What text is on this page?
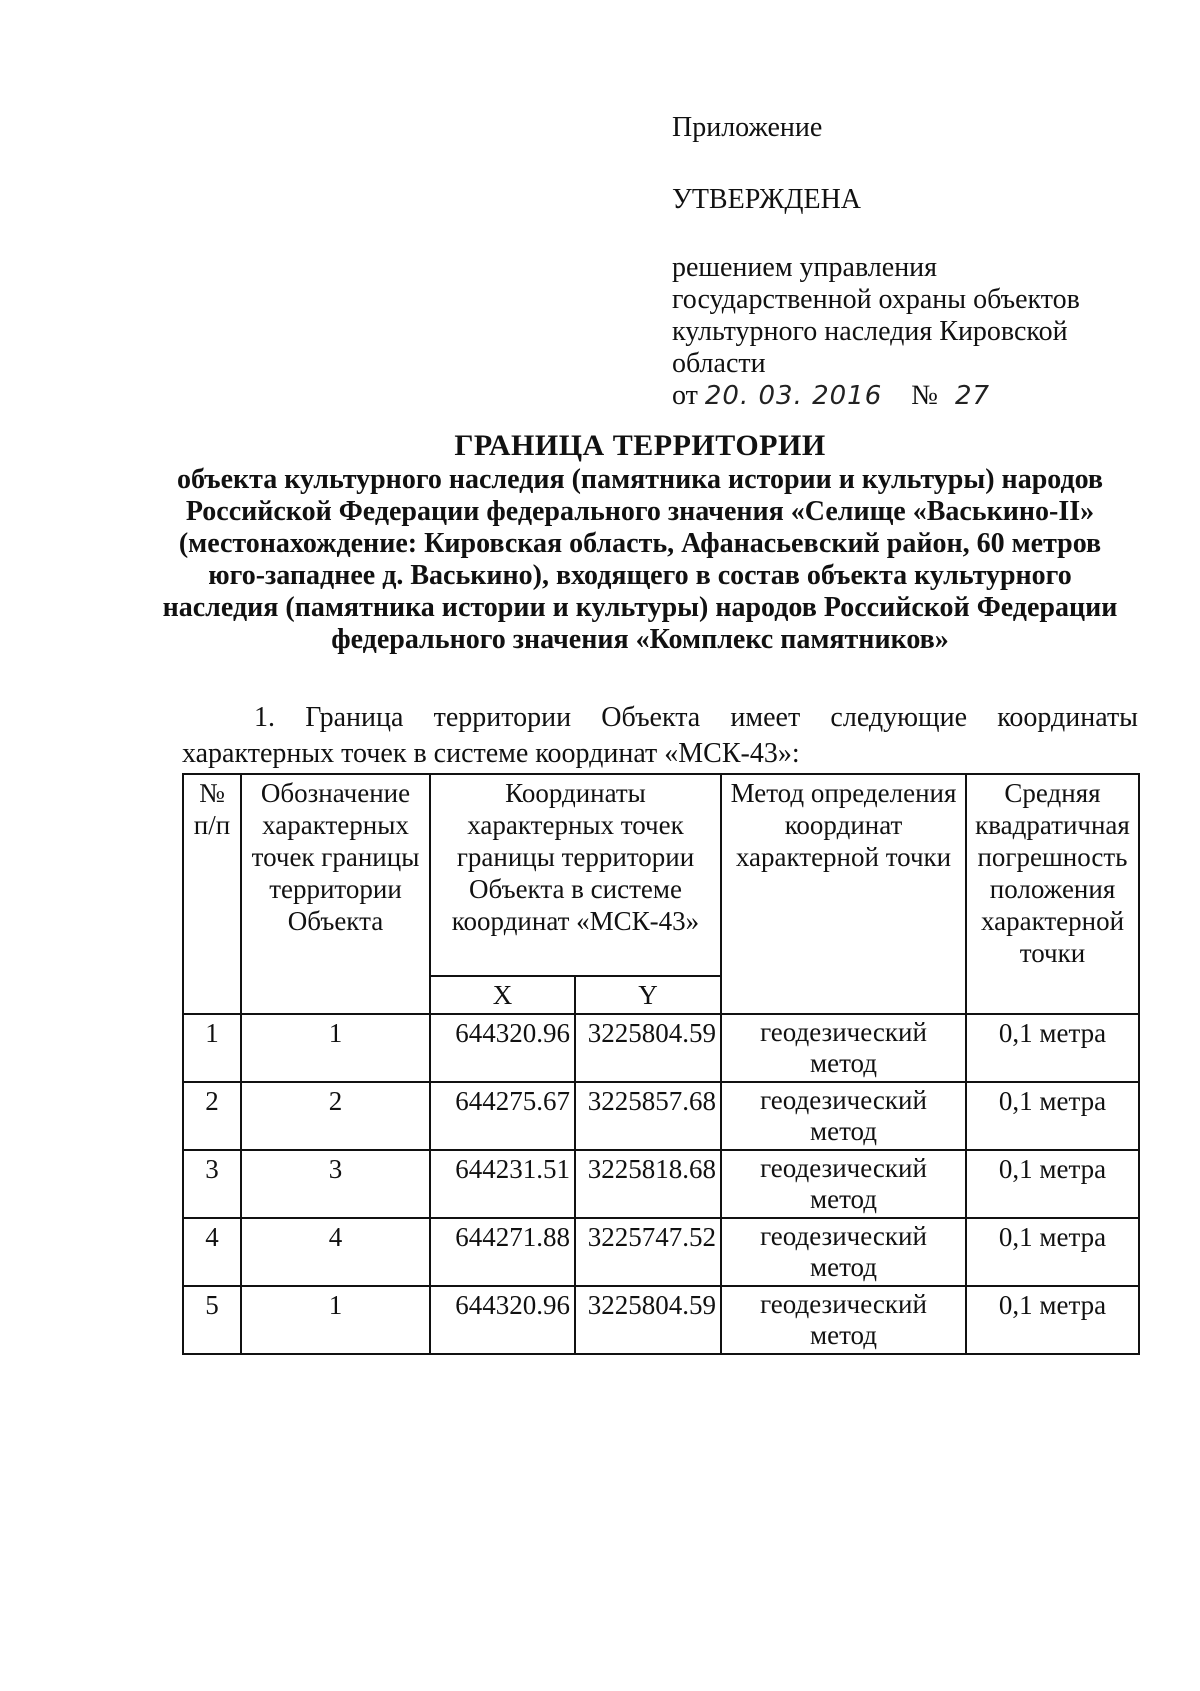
Приложение
УТВЕРЖДЕНА
решением управления
государственной охраны объектов
культурного наследия Кировской
области
от 20. 03. 2016 № 27
ГРАНИЦА ТЕРРИТОРИИ
объекта культурного наследия (памятника истории и культуры) народов Российской Федерации федерального значения «Селище «Васькино-II» (местонахождение: Кировская область, Афанасьевский район, 60 метров юго-западнее д. Васькино), входящего в состав объекта культурного наследия (памятника истории и культуры) народов Российской Федерации федерального значения «Комплекс памятников»
1. Граница территории Объекта имеет следующие координаты
характерных точек в системе координат «МСК-43»:
№ п/п	Обозначение характерных точек границы территории Объекта	Координаты характерных точек границы территории Объекта в системе координат «МСК-43»		Метод определения координат характерной точки	Средняя квадратичная погрешность положения характерной точки
		X	Y		
1	1	644320.96	3225804.59	геодезический метод	0,1 метра
2	2	644275.67	3225857.68	геодезический метод	0,1 метра
3	3	644231.51	3225818.68	геодезический метод	0,1 метра
4	4	644271.88	3225747.52	геодезический метод	0,1 метра
5	1	644320.96	3225804.59	геодезический метод	0,1 метра
